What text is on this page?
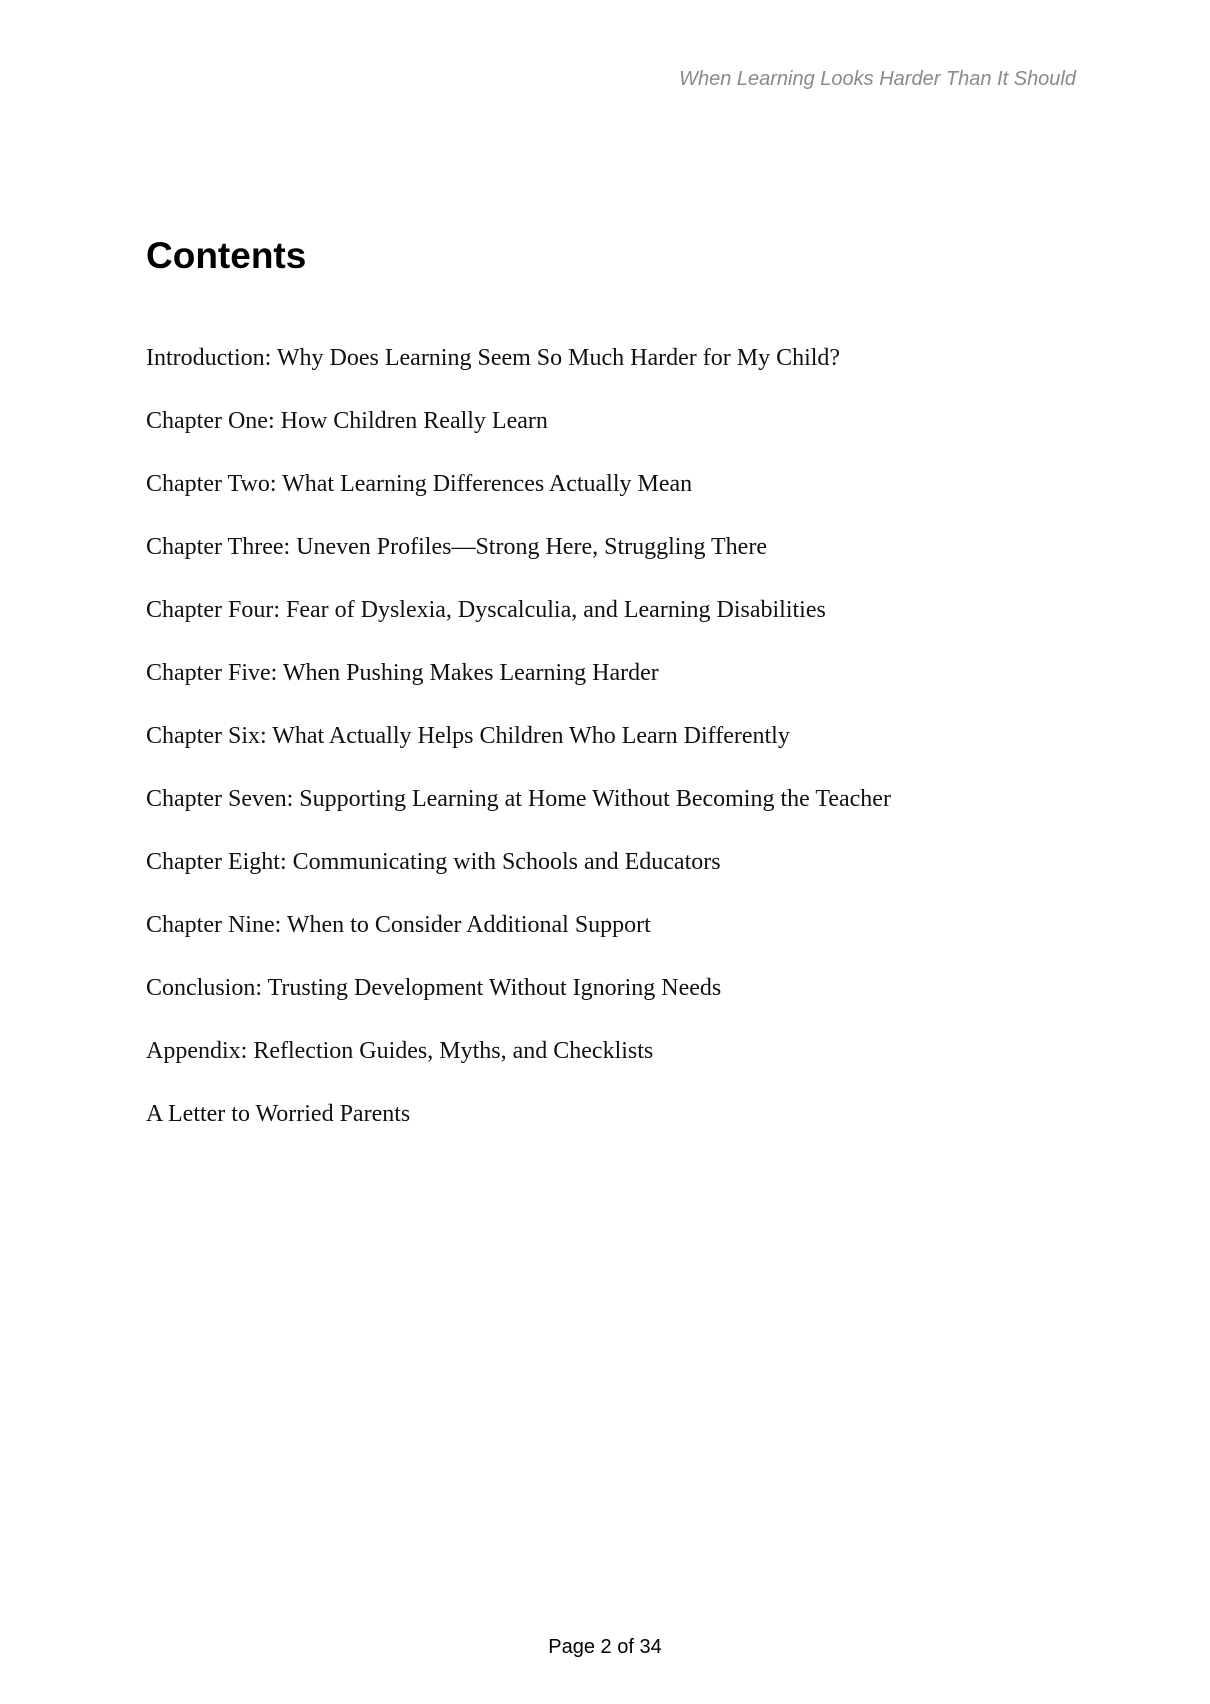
When Learning Looks Harder Than It Should
Contents
Introduction: Why Does Learning Seem So Much Harder for My Child?
Chapter One: How Children Really Learn
Chapter Two: What Learning Differences Actually Mean
Chapter Three: Uneven Profiles—Strong Here, Struggling There
Chapter Four: Fear of Dyslexia, Dyscalculia, and Learning Disabilities
Chapter Five: When Pushing Makes Learning Harder
Chapter Six: What Actually Helps Children Who Learn Differently
Chapter Seven: Supporting Learning at Home Without Becoming the Teacher
Chapter Eight: Communicating with Schools and Educators
Chapter Nine: When to Consider Additional Support
Conclusion: Trusting Development Without Ignoring Needs
Appendix: Reflection Guides, Myths, and Checklists
A Letter to Worried Parents
Page 2 of 34
